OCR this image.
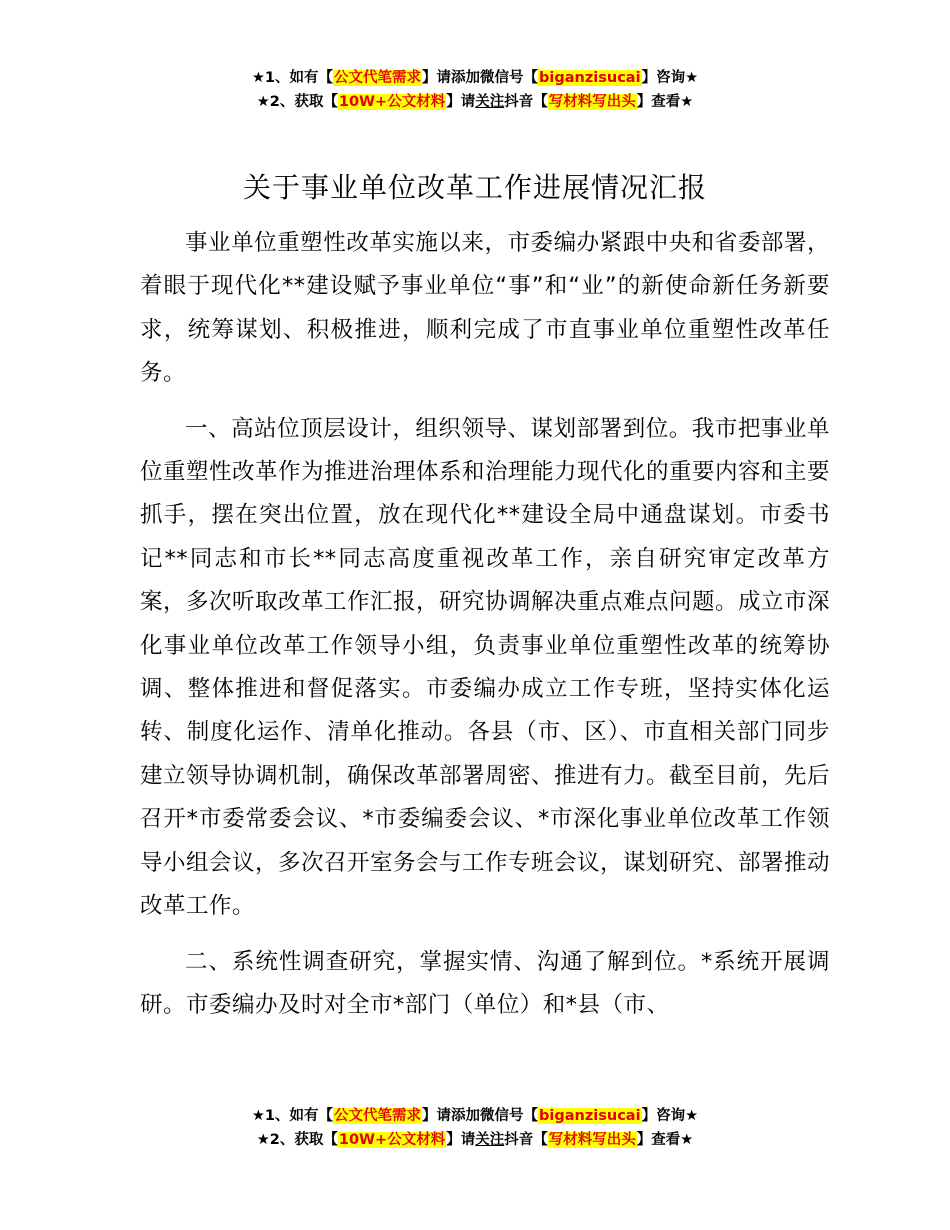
★1、如有【公文代笔需求】请添加微信号【biganzisucai】咨询★
★2、获取【10W+公文材料】请关注抖音【写材料写出头】查看★
关于事业单位改革工作进展情况汇报

事业单位重塑性改革实施以来，市委编办紧跟中央和省委部署，着眼于现代化**建设赋予事业单位“事”和“业”的新使命新任务新要求，统筹谋划、积极推进，顺利完成了市直事业单位重塑性改革任务。

一、高站位顶层设计，组织领导、谋划部署到位。我市把事业单位重塑性改革作为推进治理体系和治理能力现代化的重要内容和主要抓手，摆在突出位置，放在现代化**建设全局中通盘谋划。市委书记**同志和市长**同志高度重视改革工作，亲自研究审定改革方案，多次听取改革工作汇报，研究协调解决重点难点问题。成立市深化事业单位改革工作领导小组，负责事业单位重塑性改革的统筹协调、整体推进和督促落实。市委编办成立工作专班，坚持实体化运转、制度化运作、清单化推动。各县（市、区）、市直相关部门同步建立领导协调机制，确保改革部署周密、推进有力。截至目前，先后召开*市委常委会议、*市委编委会议、*市深化事业单位改革工作领导小组会议，多次召开室务会与工作专班会议，谋划研究、部署推动改革工作。

二、系统性调查研究，掌握实情、沟通了解到位。*系统开展调研。市委编办及时对全市*部门（单位）和*县（市、

★1、如有【公文代笔需求】请添加微信号【biganzisucai】咨询★
★2、获取【10W+公文材料】请关注抖音【写材料写出头】查看★
